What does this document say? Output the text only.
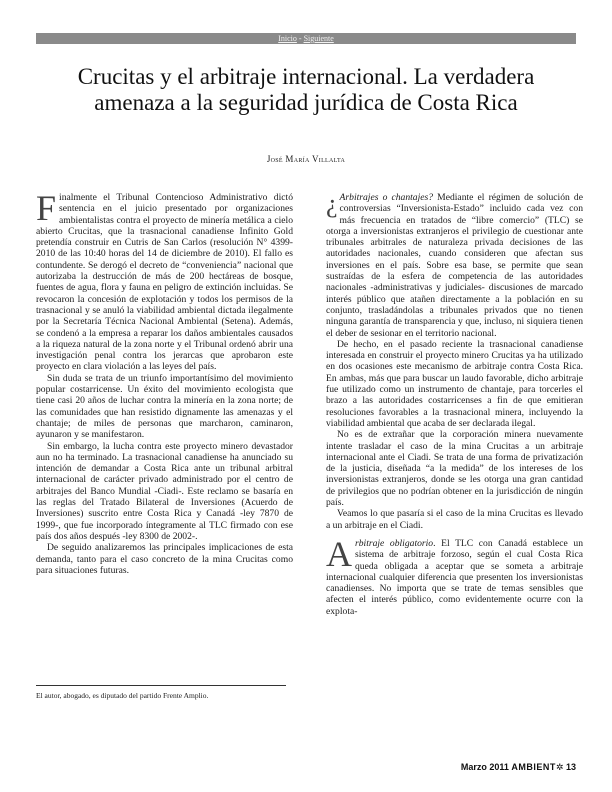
Inicio - Siguiente
Crucitas y el arbitraje internacional. La verdadera amenaza a la seguridad jurídica de Costa Rica
José María Villalta

Finalmente el Tribunal Contencioso Administrativo dictó sentencia en el juicio presentado por organizaciones ambientalistas contra el proyecto de minería metálica a cielo abierto Crucitas, que la trasnacional canadiense Infinito Gold pretendía construir en Cutris de San Carlos (resolución N° 4399-2010 de las 10:40 horas del 14 de diciembre de 2010). El fallo es contundente. Se derogó el decreto de “conveniencia” nacional que autorizaba la destrucción de más de 200 hectáreas de bosque, fuentes de agua, flora y fauna en peligro de extinción incluidas. Se revocaron la concesión de explotación y todos los permisos de la trasnacional y se anuló la viabilidad ambiental dictada ilegalmente por la Secretaría Técnica Nacional Ambiental (Setena). Además, se condenó a la empresa a reparar los daños ambientales causados a la riqueza natural de la zona norte y el Tribunal ordenó abrir una investigación penal contra los jerarcas que aprobaron este proyecto en clara violación a las leyes del país.

Sin duda se trata de un triunfo importantísimo del movimiento popular costarricense. Un éxito del movimiento ecologista que tiene casi 20 años de luchar contra la minería en la zona norte; de las comunidades que han resistido dignamente las amenazas y el chantaje; de miles de personas que marcharon, caminaron, ayunaron y se manifestaron.

Sin embargo, la lucha contra este proyecto minero devastador aun no ha terminado. La trasnacional canadiense ha anunciado su intención de demandar a Costa Rica ante un tribunal arbitral internacional de carácter privado administrado por el centro de arbitrajes del Banco Mundial -Ciadi-. Este reclamo se basaría en las reglas del Tratado Bilateral de Inversiones (Acuerdo de Inversiones) suscrito entre Costa Rica y Canadá -ley 7870 de 1999-, que fue incorporado íntegramente al TLC firmado con ese país dos años después -ley 8300 de 2002-.

De seguido analizaremos las principales implicaciones de esta demanda, tanto para el caso concreto de la mina Crucitas como para situaciones futuras.

¿ Arbitrajes o chantajes? Mediante el régimen de solución de controversias “Inversionista-Estado” incluido cada vez con más frecuencia en tratados de “libre comercio” (TLC) se otorga a inversionistas extranjeros el privilegio de cuestionar ante tribunales arbitrales de naturaleza privada decisiones de las autoridades nacionales, cuando consideren que afectan sus inversiones en el país. Sobre esa base, se permite que sean sustraídas de la esfera de competencia de las autoridades nacionales -administrativas y judiciales- discusiones de marcado interés público que atañen directamente a la población en su conjunto, trasladándolas a tribunales privados que no tienen ninguna garantía de transparencia y que, incluso, ni siquiera tienen el deber de sesionar en el territorio nacional.

De hecho, en el pasado reciente la trasnacional canadiense interesada en construir el proyecto minero Crucitas ya ha utilizado en dos ocasiones este mecanismo de arbitraje contra Costa Rica. En ambas, más que para buscar un laudo favorable, dicho arbitraje fue utilizado como un instrumento de chantaje, para torcerles el brazo a las autoridades costarricenses a fin de que emitieran resoluciones favorables a la trasnacional minera, incluyendo la viabilidad ambiental que acaba de ser declarada ilegal.

No es de extrañar que la corporación minera nuevamente intente trasladar el caso de la mina Crucitas a un arbitraje internacional ante el Ciadi. Se trata de una forma de privatización de la justicia, diseñada “a la medida” de los intereses de los inversionistas extranjeros, donde se les otorga una gran cantidad de privilegios que no podrían obtener en la jurisdicción de ningún país.

Veamos lo que pasaría si el caso de la mina Crucitas es llevado a un arbitraje en el Ciadi.

Arbitraje obligatorio. El TLC con Canadá establece un sistema de arbitraje forzoso, según el cual Costa Rica queda obligada a aceptar que se someta a arbitraje internacional cualquier diferencia que presenten los inversionistas canadienses. No importa que se trate de temas sensibles que afecten el interés público, como evidentemente ocurre con la explota-

El autor, abogado, es diputado del partido Frente Amplio.
Marzo 2011 AMBIENT✲ 13
